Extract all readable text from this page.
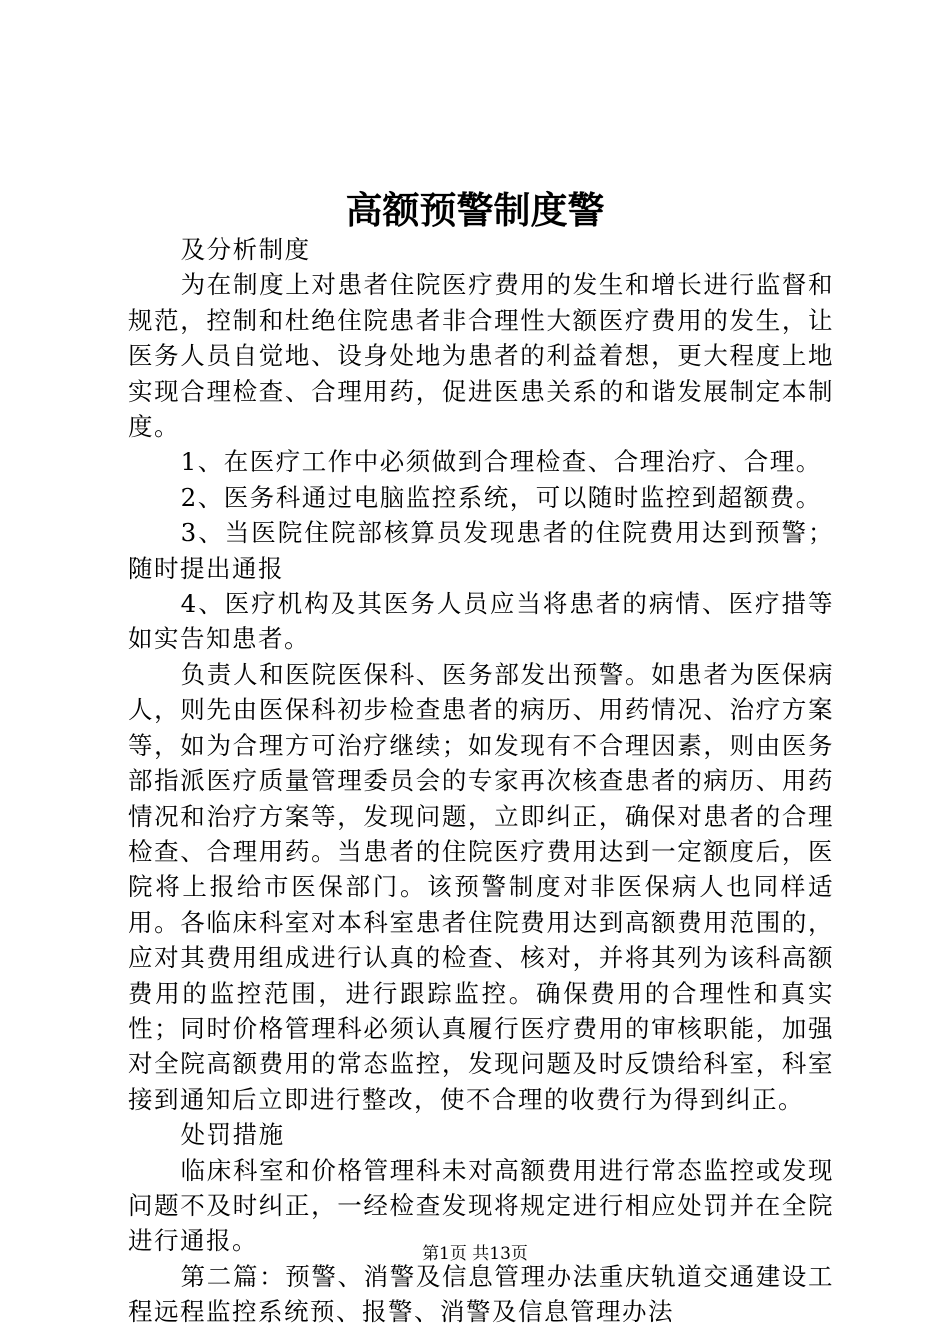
高额预警制度警

及分析制度

为在制度上对患者住院医疗费用的发生和增长进行监督和规范，控制和杜绝住院患者非合理性大额医疗费用的发生，让医务人员自觉地、设身处地为患者的利益着想，更大程度上地实现合理检查、合理用药，促进医患关系的和谐发展制定本制度。

1、在医疗工作中必须做到合理检查、合理治疗、合理。

2、医务科通过电脑监控系统，可以随时监控到超额费。

3、当医院住院部核算员发现患者的住院费用达到预警；随时提出通报

4、医疗机构及其医务人员应当将患者的病情、医疗措等如实告知患者。

负责人和医院医保科、医务部发出预警。如患者为医保病人，则先由医保科初步检查患者的病历、用药情况、治疗方案等，如为合理方可治疗继续；如发现有不合理因素，则由医务部指派医疗质量管理委员会的专家再次核查患者的病历、用药情况和治疗方案等，发现问题，立即纠正，确保对患者的合理检查、合理用药。当患者的住院医疗费用达到一定额度后，医院将上报给市医保部门。该预警制度对非医保病人也同样适用。各临床科室对本科室患者住院费用达到高额费用范围的，应对其费用组成进行认真的检查、核对，并将其列为该科高额费用的监控范围，进行跟踪监控。确保费用的合理性和真实性；同时价格管理科必须认真履行医疗费用的审核职能，加强对全院高额费用的常态监控，发现问题及时反馈给科室，科室接到通知后立即进行整改，使不合理的收费行为得到纠正。

处罚措施

临床科室和价格管理科未对高额费用进行常态监控或发现问题不及时纠正，一经检查发现将规定进行相应处罚并在全院进行通报。

第二篇：预警、消警及信息管理办法重庆轨道交通建设工程远程监控系统预、报警、消警及信息管理办法

第1页 共13页
